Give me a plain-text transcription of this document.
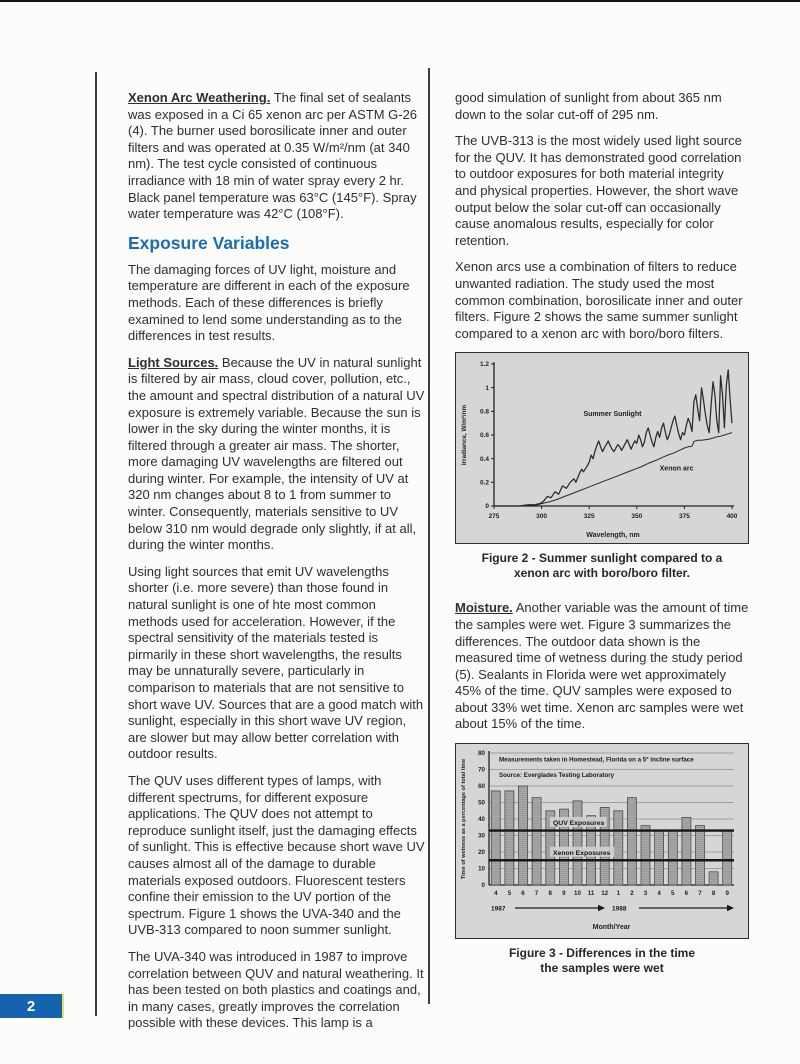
Xenon Arc Weathering. The final set of sealants was exposed in a Ci 65 xenon arc per ASTM G-26 (4). The burner used borosilicate inner and outer filters and was operated at 0.35 W/m²/nm (at 340 nm). The test cycle consisted of continuous irradiance with 18 min of water spray every 2 hr. Black panel temperature was 63°C (145°F). Spray water temperature was 42°C (108°F).

Exposure Variables

The damaging forces of UV light, moisture and temperature are different in each of the exposure methods. Each of these differences is briefly examined to lend some understanding as to the differences in test results.

Light Sources. Because the UV in natural sunlight is filtered by air mass, cloud cover, pollution, etc., the amount and spectral distribution of a natural UV exposure is extremely variable. Because the sun is lower in the sky during the winter months, it is filtered through a greater air mass. The shorter, more damaging UV wavelengths are filtered out during winter. For example, the intensity of UV at 320 nm changes about 8 to 1 from summer to winter. Consequently, materials sensitive to UV below 310 nm would degrade only slightly, if at all, during the winter months.

Using light sources that emit UV wavelengths shorter (i.e. more severe) than those found in natural sunlight is one of hte most common methods used for acceleration. However, if the spectral sensitivity of the materials tested is pirmarily in these short wavelengths, the results may be unnaturally severe, particularly in comparison to materials that are not sensitive to short wave UV. Sources that are a good match with sunlight, especially in this short wave UV region, are slower but may allow better correlation with outdoor results.

The QUV uses different types of lamps, with different spectrums, for different exposure applications. The QUV does not attempt to reproduce sunlight itself, just the damaging effects of sunlight. This is effective because short wave UV causes almost all of the damage to durable materials exposed outdoors. Fluorescent testers confine their emission to the UV portion of the spectrum. Figure 1 shows the UVA-340 and the UVB-313 compared to noon summer sunlight.

The UVA-340 was introduced in 1987 to improve correlation between QUV and natural weathering. It has been tested on both plastics and coatings and, in many cases, greatly improves the correlation possible with these devices. This lamp is a

good simulation of sunlight from about 365 nm down to the solar cut-off of 295 nm.

The UVB-313 is the most widely used light source for the QUV. It has demonstrated good correlation to outdoor exposures for both material integrity and physical properties. However, the short wave output below the solar cut-off can occasionally cause anomalous results, especially for color retention.

Xenon arcs use a combination of filters to reduce unwanted radiation. The study used the most common combination, borosilicate inner and outer filters. Figure 2 shows the same summer sunlight compared to a xenon arc with boro/boro filters.

275	300	325	350	375	400
0
0.2
0.4
0.6
0.8
1
1.2
Summer Sunlight
Xenon arc
Wavelength, nm
Irradiance, W/m²/nm
Figure 2 - Summer sunlight compared to a
xenon arc with boro/boro filter.

Moisture. Another variable was the amount of time the samples were wet. Figure 3 summarizes the differences. The outdoor data shown is the measured time of wetness during the study period (5). Sealants in Florida were wet approximately 45% of the time. QUV samples were exposed to about 33% wet time. Xenon arc samples were wet about 15% of the time.

0
10
20
30
40
50
60
70
80
QUV Exposures
Xenon Exposures
Measurements taken in Homestead, Florida on a 5° incline surface
Source: Everglades Testing Laboratory
4 5 6 7 8 9 10 11 12 1 2 3 4 5 6 7 8 9
1987	1988
Month/Year
Time of wetness as a percentage of total time
Figure 3 - Differences in the time
the samples were wet
2
